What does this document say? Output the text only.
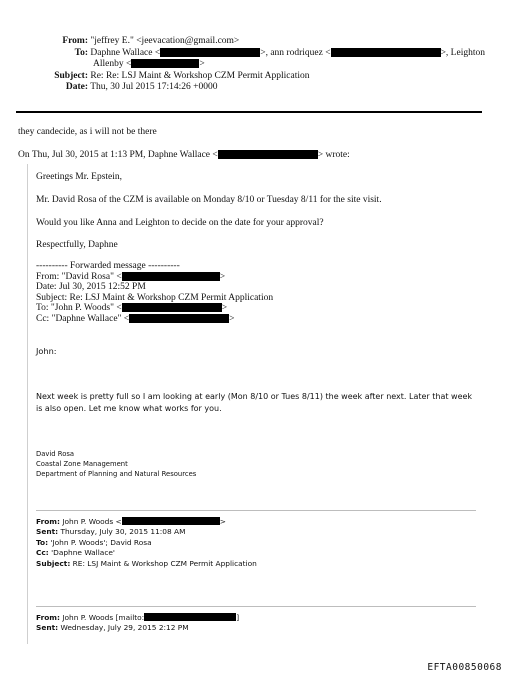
From: "jeffrey E." <jeevacation@gmail.com>
To: Daphne Wallace <	>, ann rodriquez <	>, Leighton
Allenby <	>
Subject: Re: Re: LSJ Maint & Workshop CZM Permit Application
Date: Thu, 30 Jul 2015 17:14:26 +0000
they candecide, as i will not be there
On Thu, Jul 30, 2015 at 1:13 PM, Daphne Wallace <	> wrote:
Greetings Mr. Epstein,
Mr. David Rosa of the CZM is available on Monday 8/10 or Tuesday 8/11 for the site visit.
Would you like Anna and Leighton to decide on the date for your approval?
Respectfully, Daphne
---------- Forwarded message ----------
From: "David Rosa" <	>
Date: Jul 30, 2015 12:52 PM
Subject: Re: LSJ Maint & Workshop CZM Permit Application
To: "John P. Woods" <	>
Cc: "Daphne Wallace" <	>
John:
Next week is pretty full so I am looking at early (Mon 8/10 or Tues 8/11) the week after next. Later that week
is also open. Let me know what works for you.
David Rosa
Coastal Zone Management
Department of Planning and Natural Resources
From: John P. Woods <	>
Sent: Thursday, July 30, 2015 11:08 AM
To: 'John P. Woods'; David Rosa
Cc: 'Daphne Wallace'
Subject: RE: LSJ Maint & Workshop CZM Permit Application
From: John P. Woods [mailto:	]
Sent: Wednesday, July 29, 2015 2:12 PM
EFTA00850068
